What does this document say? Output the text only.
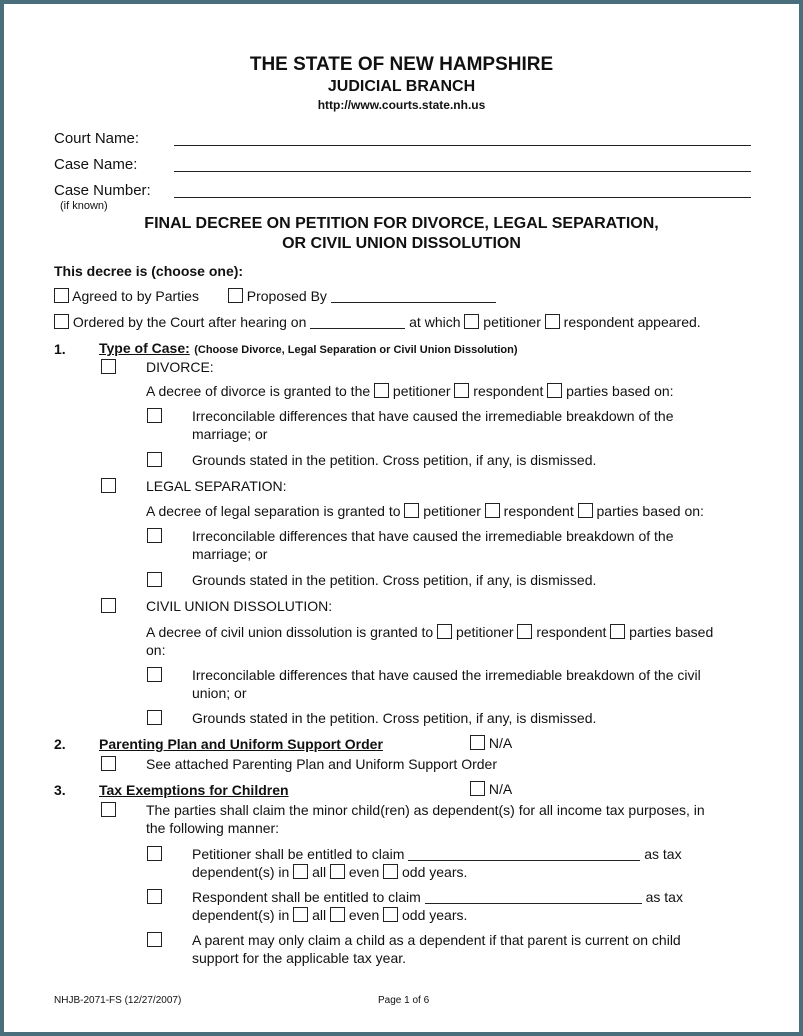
THE STATE OF NEW HAMPSHIRE
JUDICIAL BRANCH
http://www.courts.state.nh.us
Court Name:
Case Name:
Case Number:
(if known)
FINAL DECREE ON PETITION FOR DIVORCE, LEGAL SEPARATION,
OR CIVIL UNION DISSOLUTION
This decree is (choose one):
Agreed to by Parties	Proposed By
Ordered by the Court after hearing on	at which petitioner respondent appeared.
1. Type of Case: (Choose Divorce, Legal Separation or Civil Union Dissolution)
DIVORCE:
A decree of divorce is granted to the petitioner respondent parties based on:
Irreconcilable differences that have caused the irremediable breakdown of the
marriage; or
Grounds stated in the petition. Cross petition, if any, is dismissed.
LEGAL SEPARATION:
A decree of legal separation is granted to petitioner respondent parties based on:
Irreconcilable differences that have caused the irremediable breakdown of the
marriage; or
Grounds stated in the petition. Cross petition, if any, is dismissed.
CIVIL UNION DISSOLUTION:
A decree of civil union dissolution is granted to petitioner respondent parties based
on:
Irreconcilable differences that have caused the irremediable breakdown of the civil
union; or
Grounds stated in the petition. Cross petition, if any, is dismissed.
2. Parenting Plan and Uniform Support Order	N/A
See attached Parenting Plan and Uniform Support Order
3. Tax Exemptions for Children	N/A
The parties shall claim the minor child(ren) as dependent(s) for all income tax purposes, in
the following manner:
Petitioner shall be entitled to claim	as tax
dependent(s) in all even odd years.
Respondent shall be entitled to claim	as tax
dependent(s) in all even odd years.
A parent may only claim a child as a dependent if that parent is current on child
support for the applicable tax year.
NHJB-2071-FS (12/27/2007)	Page 1 of 6
